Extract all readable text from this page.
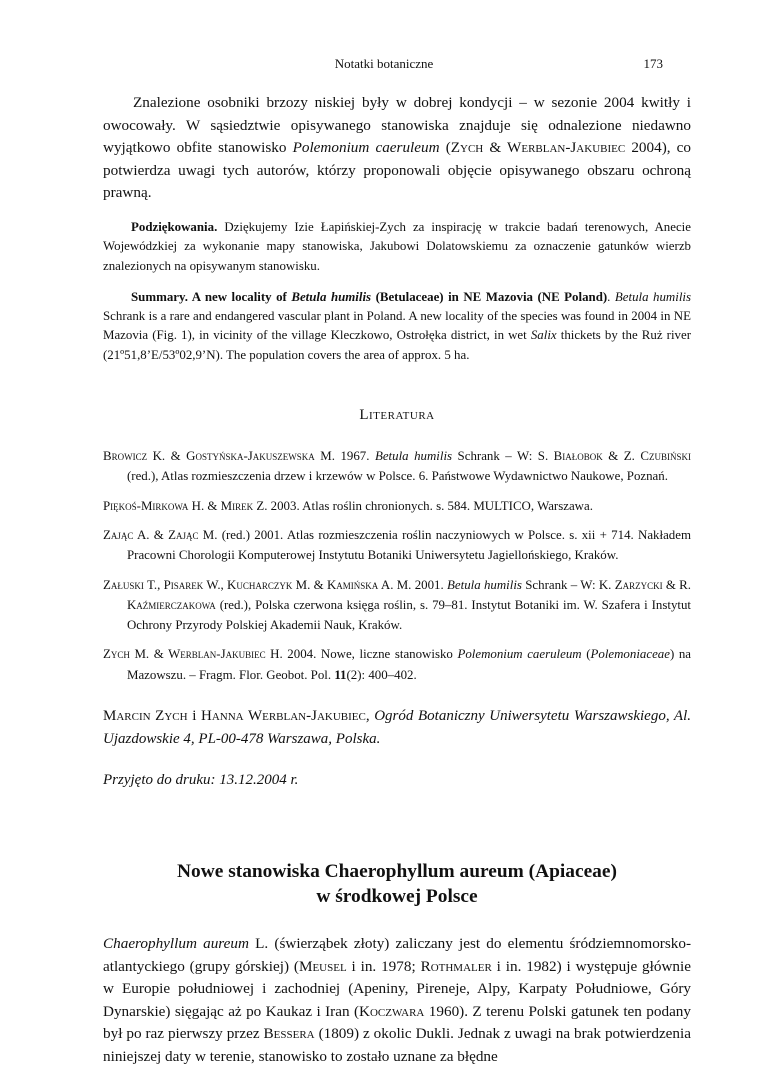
Notatki botaniczne	173

Znalezione osobniki brzozy niskiej były w dobrej kondycji – w sezonie 2004 kwitły i owocowały. W sąsiedztwie opisywanego stanowiska znajduje się odnalezione niedawno wyjątkowo obfite stanowisko Polemonium caeruleum (Zych & Werblan-Jakubiec 2004), co potwierdza uwagi tych autorów, którzy proponowali objęcie opisywanego obszaru ochroną prawną.

Podziękowania. Dziękujemy Izie Łapińskiej-Zych za inspirację w trakcie badań terenowych, Anecie Wojewódzkiej za wykonanie mapy stanowiska, Jakubowi Dolatowskiemu za oznaczenie gatunków wierzb znalezionych na opisywanym stanowisku.

Summary. A new locality of Betula humilis (Betulaceae) in NE Mazovia (NE Poland). Betula humilis Schrank is a rare and endangered vascular plant in Poland. A new locality of the species was found in 2004 in NE Mazovia (Fig. 1), in vicinity of the village Kleczkowo, Ostrołęka district, in wet Salix thickets by the Ruż river (21º51,8’E/53º02,9’N). The population covers the area of approx. 5 ha.

Literatura

Browicz K. & Gostyńska-Jakuszewska M. 1967. Betula humilis Schrank – W: S. Białobok & Z. Czubiński (red.), Atlas rozmieszczenia drzew i krzewów w Polsce. 6. Państwowe Wydawnictwo Naukowe, Poznań.

Piękoś-Mirkowa H. & Mirek Z. 2003. Atlas roślin chronionych. s. 584. MULTICO, Warszawa.

Zając A. & Zając M. (red.) 2001. Atlas rozmieszczenia roślin naczyniowych w Polsce. s. xii + 714. Nakładem Pracowni Chorologii Komputerowej Instytutu Botaniki Uniwersytetu Jagiellońskiego, Kraków.

Załuski T., Pisarek W., Kucharczyk M. & Kamińska A. M. 2001. Betula humilis Schrank – W: K. Zarzycki & R. Kaźmierczakowa (red.), Polska czerwona księga roślin, s. 79–81. Instytut Botaniki im. W. Szafera i Instytut Ochrony Przyrody Polskiej Akademii Nauk, Kraków.

Zych M. & Werblan-Jakubiec H. 2004. Nowe, liczne stanowisko Polemonium caeruleum (Polemoniaceae) na Mazowszu. – Fragm. Flor. Geobot. Pol. 11(2): 400–402.

Marcin Zych i Hanna Werblan-Jakubiec, Ogród Botaniczny Uniwersytetu Warszawskiego, Al. Ujazdowskie 4, PL-00-478 Warszawa, Polska.

Przyjęto do druku: 13.12.2004 r.

Nowe stanowiska Chaerophyllum aureum (Apiaceae)
w środkowej Polsce

Chaerophyllum aureum L. (świerząbek złoty) zaliczany jest do elementu śródziemnomorsko-atlantyckiego (grupy górskiej) (Meusel i in. 1978; Rothmaler i in. 1982) i występuje głównie w Europie południowej i zachodniej (Apeniny, Pireneje, Alpy, Karpaty Południowe, Góry Dynarskie) sięgając aż po Kaukaz i Iran (Koczwara 1960). Z terenu Polski gatunek ten podany był po raz pierwszy przez Bessera (1809) z okolic Dukli. Jednak z uwagi na brak potwierdzenia niniejszej daty w terenie, stanowisko to zostało uznane za błędne
